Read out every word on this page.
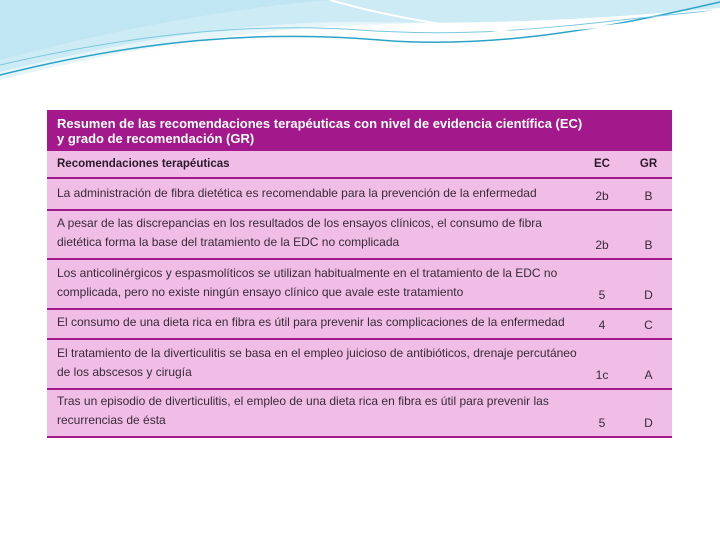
Resumen de las recomendaciones terapéuticas con nivel de evidencia científica (EC)
y grado de recomendación (GR)
Recomendaciones terapéuticas	EC	GR
La administración de fibra dietética es recomendable para la prevención de la enfermedad	2b	B
A pesar de las discrepancias en los resultados de los ensayos clínicos, el consumo de fibra dietética forma la base del tratamiento de la EDC no complicada	2b	B
Los anticolinérgicos y espasmolíticos se utilizan habitualmente en el tratamiento de la EDC no complicada, pero no existe ningún ensayo clínico que avale este tratamiento	5	D
El consumo de una dieta rica en fibra es útil para prevenir las complicaciones de la enfermedad	4	C
El tratamiento de la diverticulitis se basa en el empleo juicioso de antibióticos, drenaje percutáneo de los abscesos y cirugía	1c	A
Tras un episodio de diverticulitis, el empleo de una dieta rica en fibra es útil para prevenir las recurrencias de ésta	5	D
